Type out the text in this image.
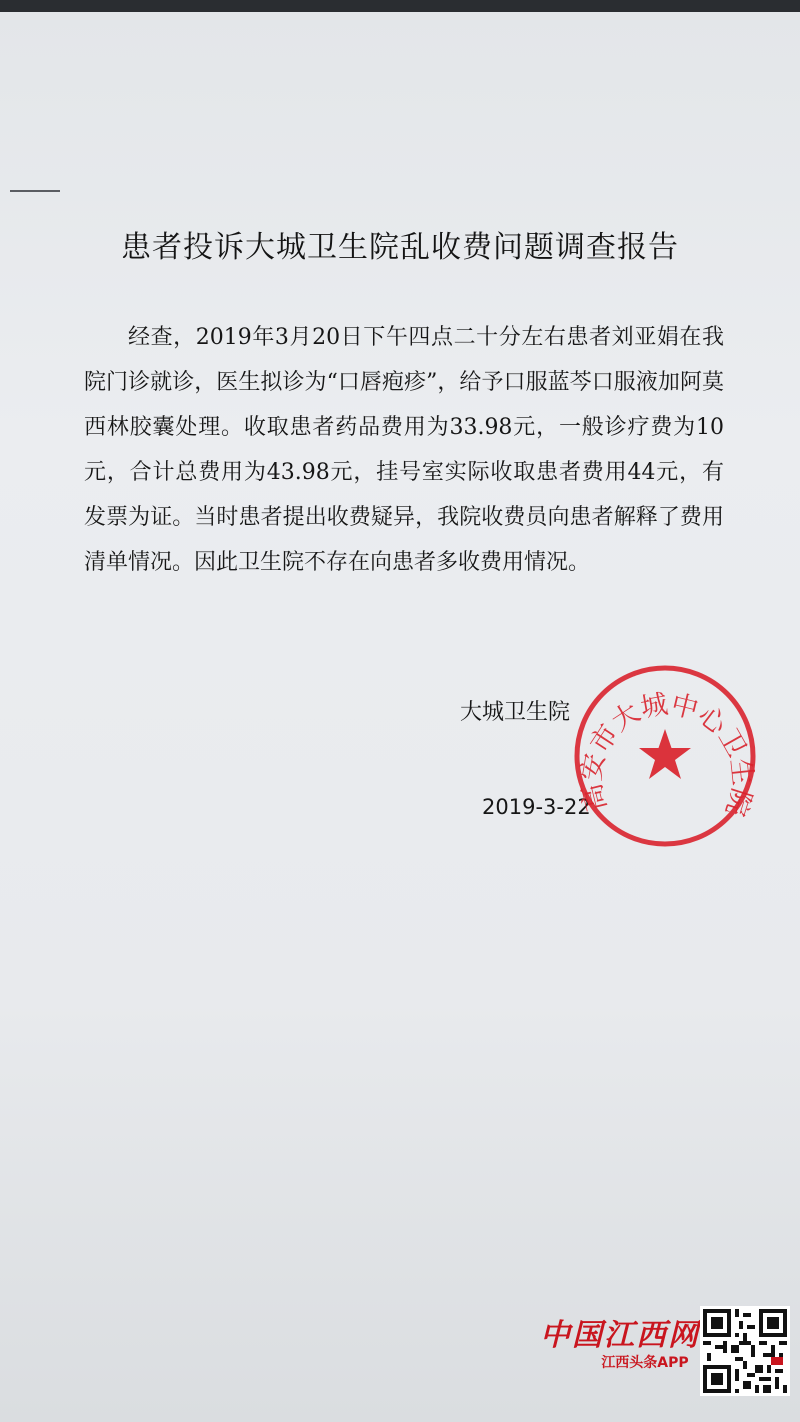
患者投诉大城卫生院乱收费问题调查报告

经查，2019年3月20日下午四点二十分左右患者刘亚娟在我院门诊就诊，医生拟诊为“口唇疱疹”，给予口服蓝芩口服液加阿莫西林胶囊处理。收取患者药品费用为33.98元，一般诊疗费为10元，合计总费用为43.98元，挂号室实际收取患者费用44元，有发票为证。当时患者提出收费疑异，我院收费员向患者解释了费用清单情况。因此卫生院不存在向患者多收费用情况。

大城卫生院
2019-3-22
高安市大城中心卫生院
中国江西网
江西头条APP
